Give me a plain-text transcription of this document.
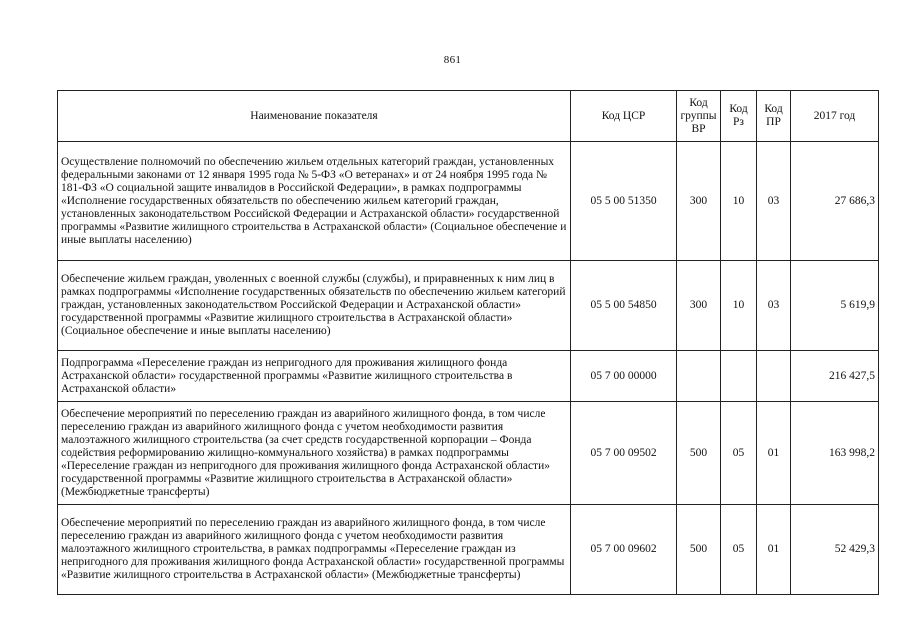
861
Наименование показателя	Код ЦСР	Код группы ВР	Код Рз	Код ПР	2017 год
Осуществление полномочий по обеспечению жильем отдельных категорий граждан, установленных федеральными законами от 12 января 1995 года № 5-ФЗ «О ветеранах» и от 24 ноября 1995 года № 181-ФЗ «О социальной защите инвалидов в Российской Федерации», в рамках подпрограммы «Исполнение государственных обязательств по обеспечению жильем категорий граждан, установленных законодательством Российской Федерации и Астраханской области» государственной программы «Развитие жилищного строительства в Астраханской области» (Социальное обеспечение и иные выплаты населению)	05 5 00 51350	300	10	03	27 686,3
Обеспечение жильем граждан, уволенных с военной службы (службы), и приравненных к ним лиц в рамках подпрограммы «Исполнение государственных обязательств по обеспечению жильем категорий граждан, установленных законодательством Российской Федерации и Астраханской области» государственной программы «Развитие жилищного строительства в Астраханской области» (Социальное обеспечение и иные выплаты населению)	05 5 00 54850	300	10	03	5 619,9
Подпрограмма «Переселение граждан из непригодного для проживания жилищного фонда Астраханской области» государственной программы «Развитие жилищного строительства в Астраханской области»	05 7 00 00000				216 427,5
Обеспечение мероприятий по переселению граждан из аварийного жилищного фонда, в том числе переселению граждан из аварийного жилищного фонда с учетом необходимости развития малоэтажного жилищного строительства (за счет средств государственной корпорации – Фонда содействия реформированию жилищно-коммунального хозяйства) в рамках подпрограммы «Переселение граждан из непригодного для проживания жилищного фонда Астраханской области» государственной программы «Развитие жилищного строительства в Астраханской области» (Межбюджетные трансферты)	05 7 00 09502	500	05	01	163 998,2
Обеспечение мероприятий по переселению граждан из аварийного жилищного фонда, в том числе переселению граждан из аварийного жилищного фонда с учетом необходимости развития малоэтажного жилищного строительства, в рамках подпрограммы «Переселение граждан из непригодного для проживания жилищного фонда Астраханской области» государственной программы «Развитие жилищного строительства в Астраханской области» (Межбюджетные трансферты)	05 7 00 09602	500	05	01	52 429,3
